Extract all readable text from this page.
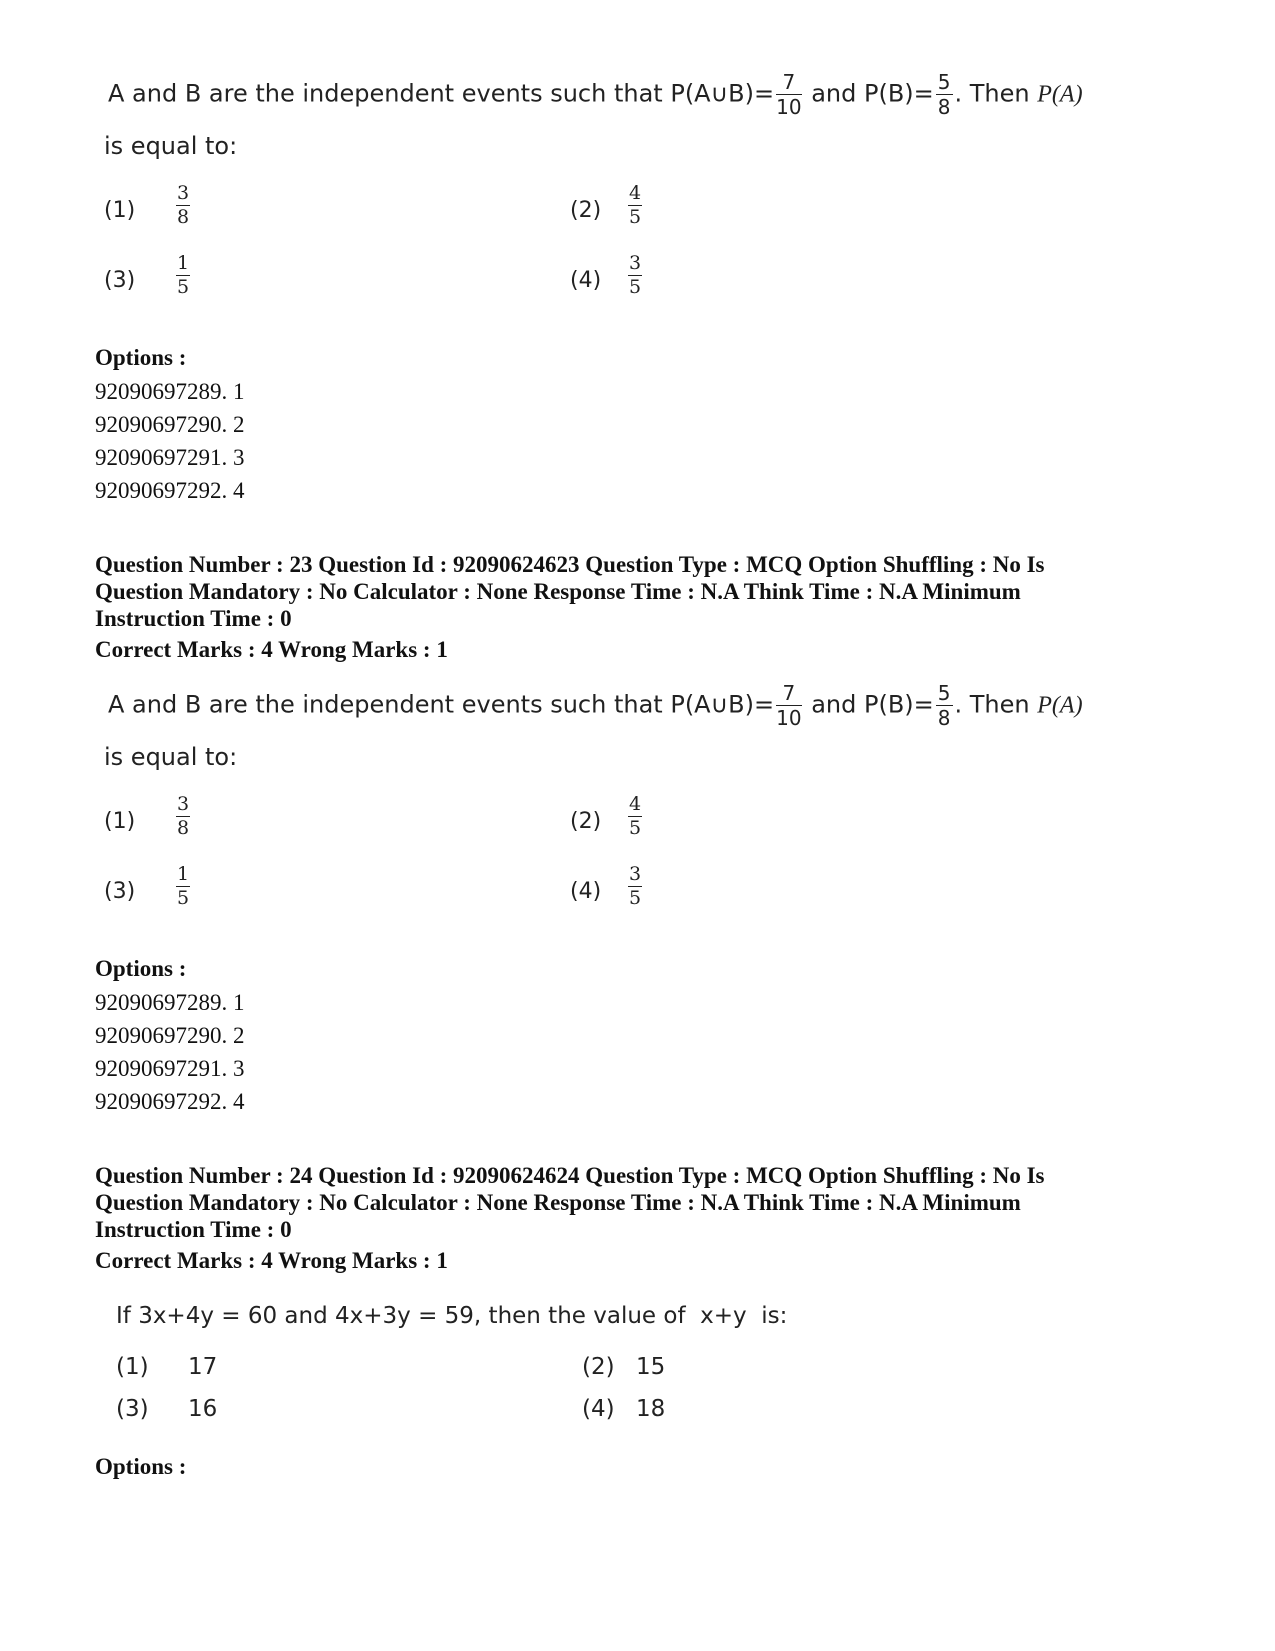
A and B are the independent events such that P(A∪B)= $\frac{7}{10}$ and $P(B)= \frac{5}{8}$ . Then P(A)
is equal to:
$(1) \frac{3}{8}$	$(2) \frac{4}{5}$
$(3) \frac{1}{5}$	$(4) \frac{3}{5}$
Options :
92090697289. 1
92090697290. 2
92090697291. 3
92090697292. 4
Question Number : 23 Question Id : 92090624623 Question Type : MCQ Option Shuffling : No Is
Question Mandatory : No Calculator : None Response Time : N.A Think Time : N.A Minimum
Instruction Time : 0
Correct Marks : 4 Wrong Marks : 1
A and B are the independent events such that P(A∪B)= $\frac{7}{10}$ and $P(B)= \frac{5}{8}$ . Then P(A)
is equal to:
$(1) \frac{3}{8}$	$(2) \frac{4}{5}$
$(3) \frac{1}{5}$	$(4) \frac{3}{5}$
Options :
92090697289. 1
92090697290. 2
92090697291. 3
92090697292. 4
Question Number : 24 Question Id : 92090624624 Question Type : MCQ Option Shuffling : No Is
Question Mandatory : No Calculator : None Response Time : N.A Think Time : N.A Minimum
Instruction Time : 0
Correct Marks : 4 Wrong Marks : 1
If 3x+4y = 60 and 4x+3y = 59, then the value of  x+y  is:
(1) 17	(2) 15
(3) 16	(4) 18
Options :
